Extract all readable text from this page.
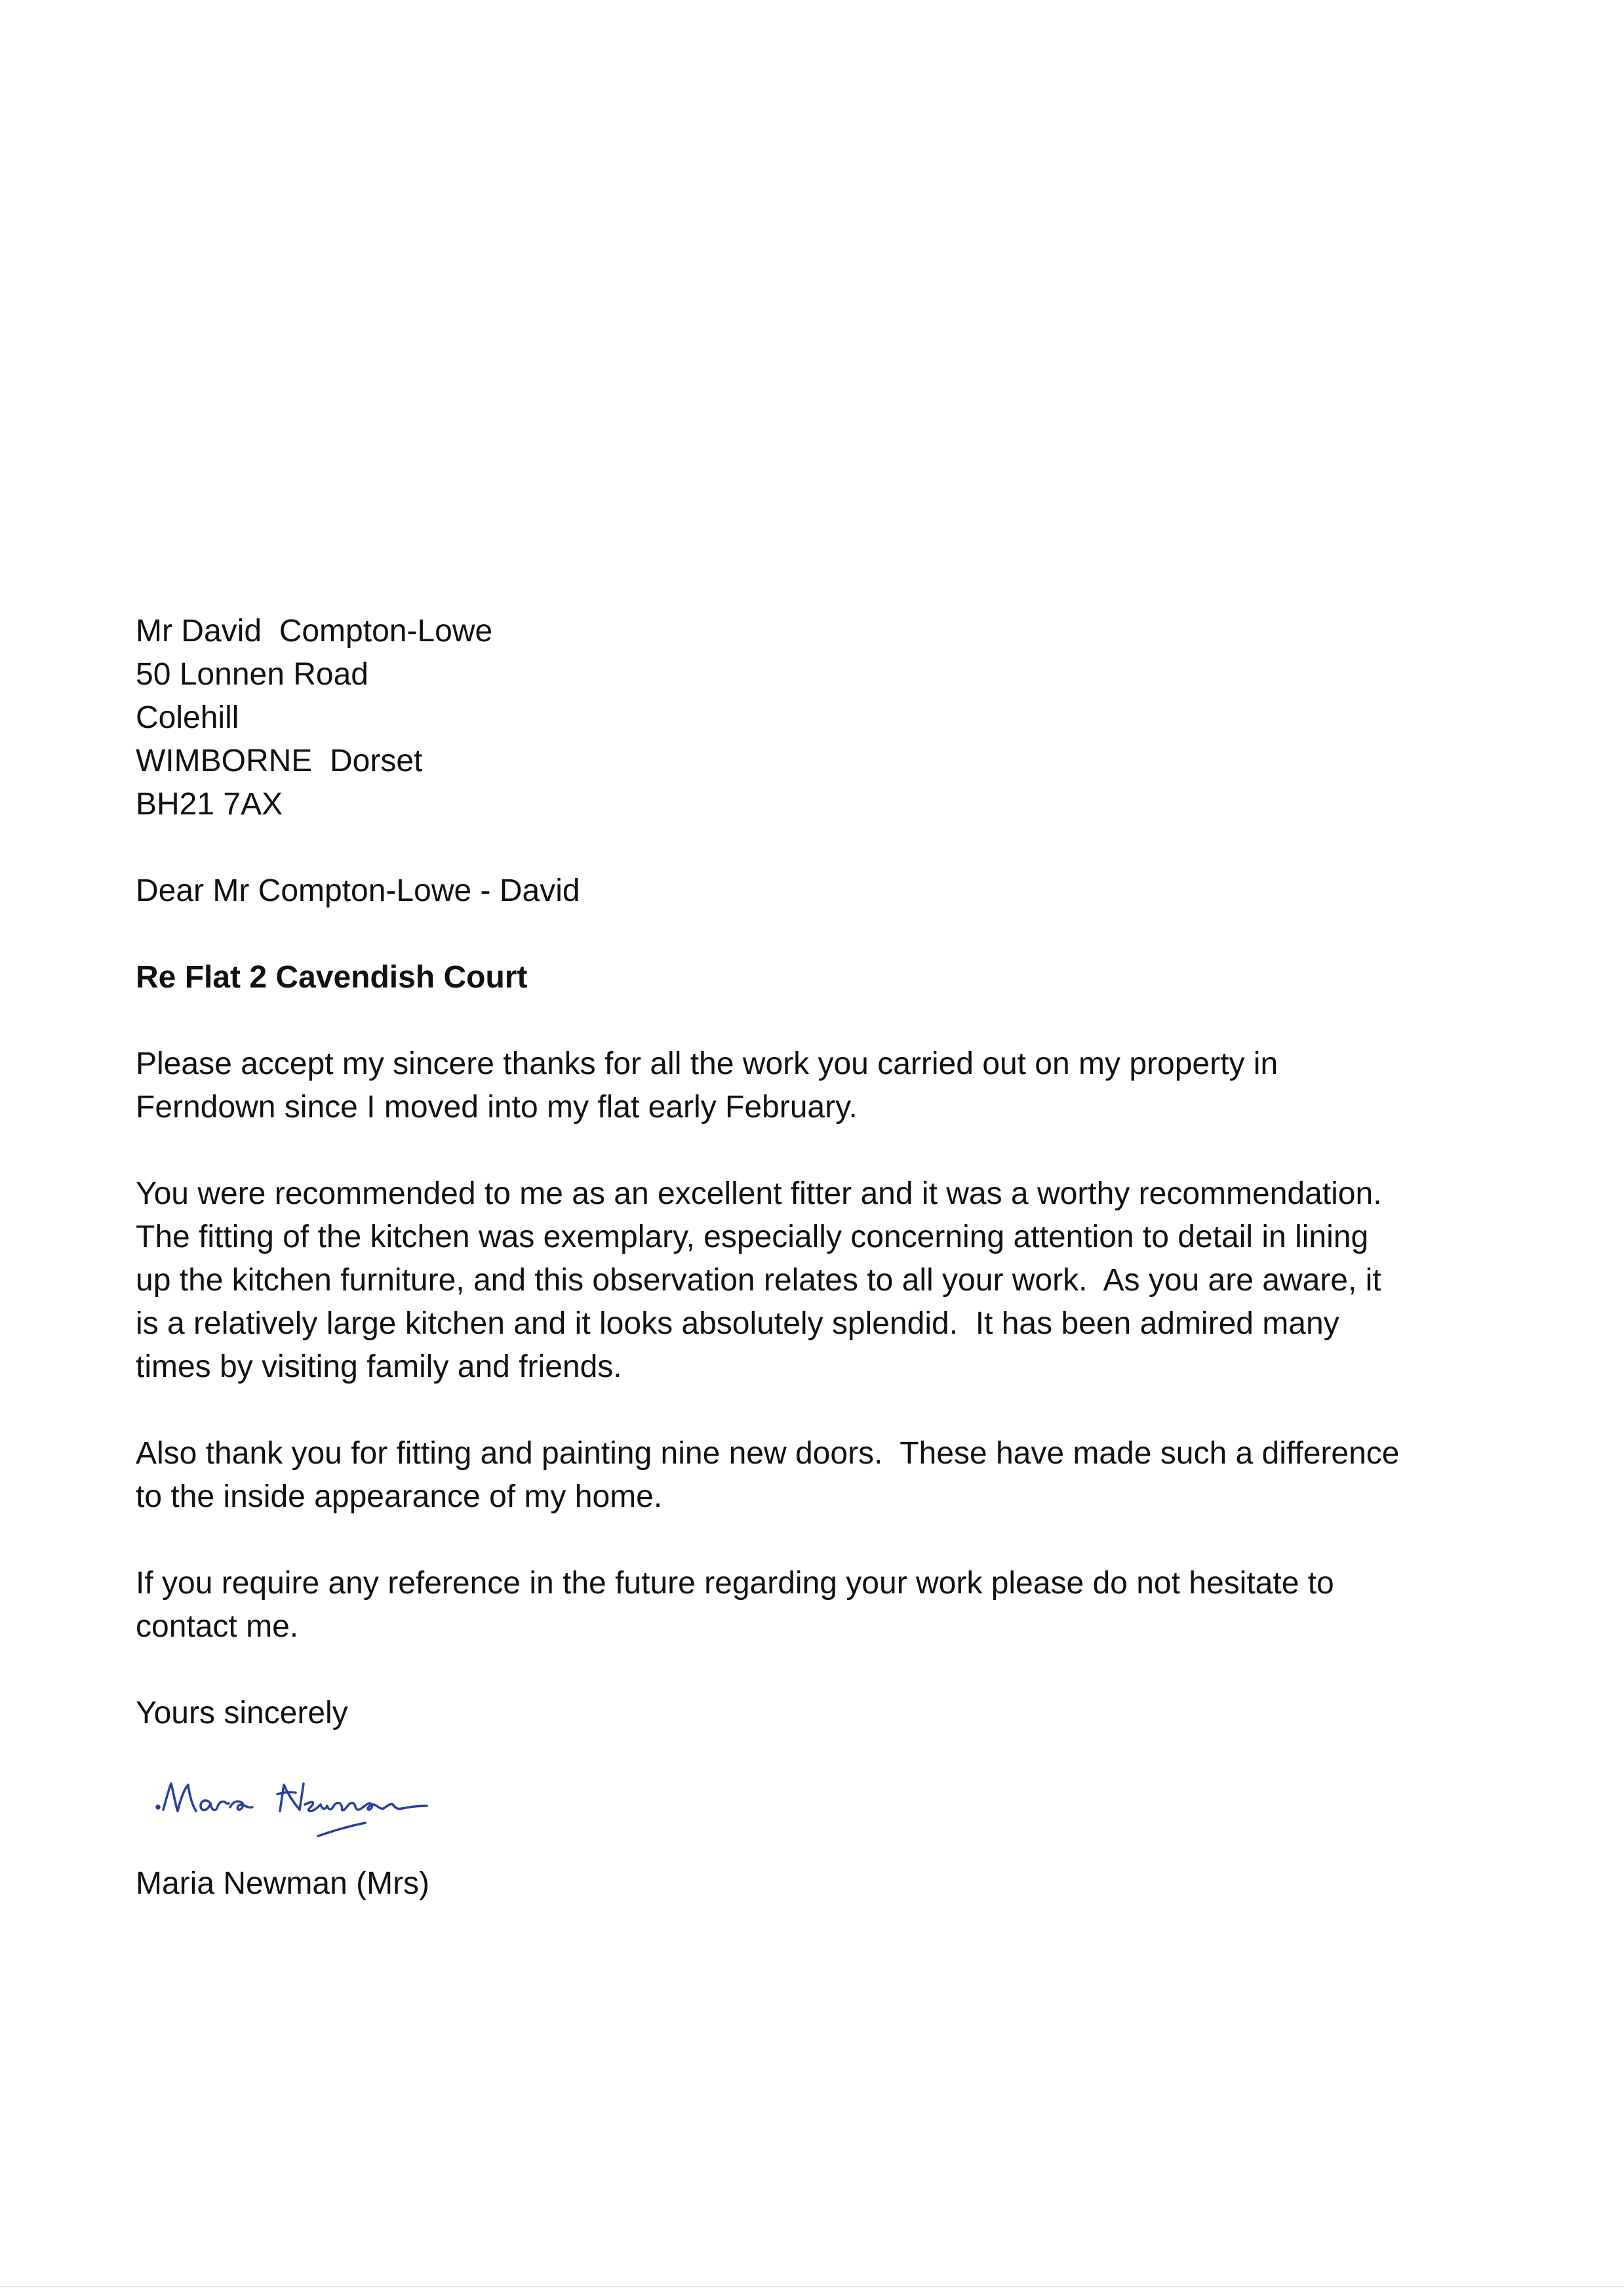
Mr David  Compton-Lowe
50 Lonnen Road
Colehill
WIMBORNE  Dorset
BH21 7AX
Dear Mr Compton-Lowe - David
Re Flat 2 Cavendish Court
Please accept my sincere thanks for all the work you carried out on my property in
Ferndown since I moved into my flat early February.
You were recommended to me as an excellent fitter and it was a worthy recommendation.
The fitting of the kitchen was exemplary, especially concerning attention to detail in lining
up the kitchen furniture, and this observation relates to all your work.  As you are aware, it
is a relatively large kitchen and it looks absolutely splendid.  It has been admired many
times by visiting family and friends.
Also thank you for fitting and painting nine new doors.  These have made such a difference
to the inside appearance of my home.
If you require any reference in the future regarding your work please do not hesitate to
contact me.
Yours sincerely
Maria Newman (Mrs)
